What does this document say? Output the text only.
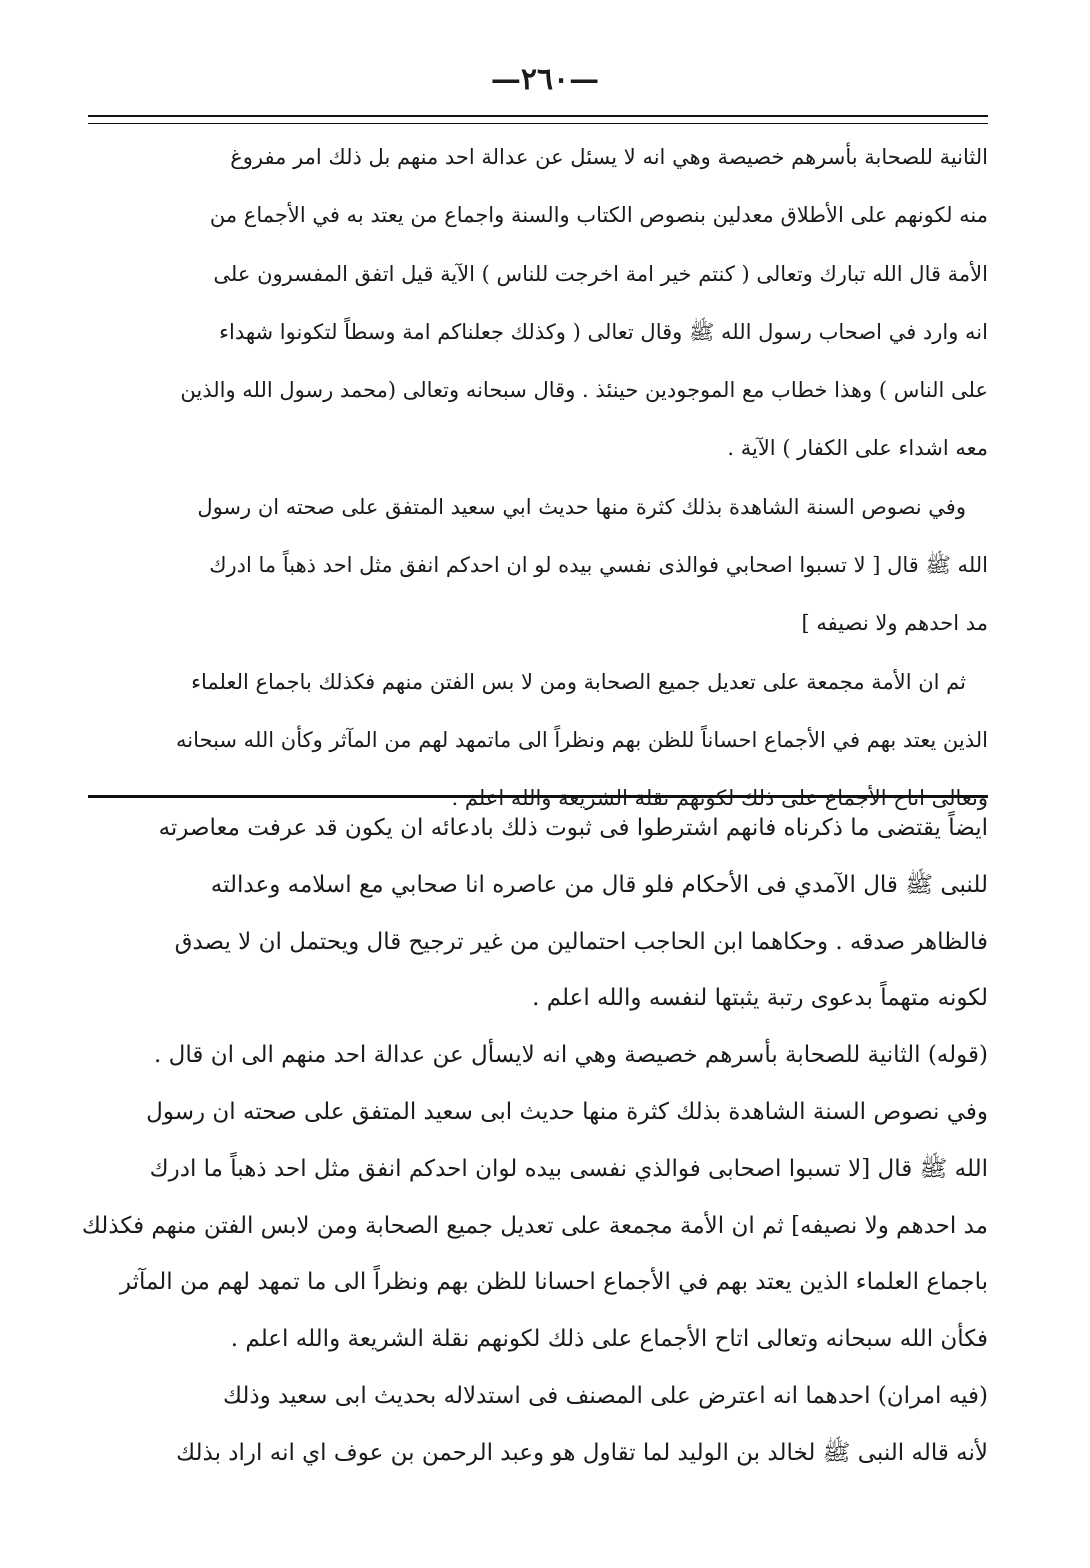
—٢٦٠—
الثانية للصحابة بأسرهم خصيصة وهي انه لا يسئل عن عدالة احد منهم بل ذلك امر مفروغ
منه لكونهم على الأطلاق معدلين بنصوص الكتاب والسنة واجماع من يعتد به في الأجماع من
الأمة قال الله تبارك وتعالى ( كنتم خير امة اخرجت للناس ) الآية قيل اتفق المفسرون على
انه وارد في اصحاب رسول الله ﷺ وقال تعالى ( وكذلك جعلناكم امة وسطاً لتكونوا شهداء
على الناس ) وهذا خطاب مع الموجودين حينئذ . وقال سبحانه وتعالى (محمد رسول الله والذين
معه اشداء على الكفار ) الآية .
وفي نصوص السنة الشاهدة بذلك كثرة منها حديث ابي سعيد المتفق على صحته ان رسول
الله ﷺ قال [ لا تسبوا اصحابي فوالذى نفسي بيده لو ان احدكم انفق مثل احد ذهباً ما ادرك
مد احدهم ولا نصيفه ]
ثم ان الأمة مجمعة على تعديل جميع الصحابة ومن لا بس الفتن منهم فكذلك باجماع العلماء
الذين يعتد بهم في الأجماع احساناً للظن بهم ونظراً الى ماتمهد لهم من المآثر وكأن الله سبحانه
وتعالى اتاح الأجماع على ذلك لكونهم نقلة الشريعة والله اعلم .
ايضاً يقتضى ما ذكرناه فانهم اشترطوا فى ثبوت ذلك بادعائه ان يكون قد عرفت معاصرته
للنبى ﷺ قال الآمدي فى الأحكام فلو قال من عاصره انا صحابي مع اسلامه وعدالته
فالظاهر صدقه . وحكاهما ابن الحاجب احتمالين من غير ترجيح قال ويحتمل ان لا يصدق
لكونه متهماً بدعوى رتبة يثبتها لنفسه والله اعلم .
(قوله) الثانية للصحابة بأسرهم خصيصة وهي انه لايسأل عن عدالة احد منهم الى ان قال .
وفي نصوص السنة الشاهدة بذلك كثرة منها حديث ابى سعيد المتفق على صحته ان رسول
الله ﷺ قال [لا تسبوا اصحابى فوالذي نفسى بيده لوان احدكم انفق مثل احد ذهباً ما ادرك
مد احدهم ولا نصيفه] ثم ان الأمة مجمعة على تعديل جميع الصحابة ومن لابس الفتن منهم فكذلك
باجماع العلماء الذين يعتد بهم في الأجماع احسانا للظن بهم ونظراً الى ما تمهد لهم من المآثر
فكأن الله سبحانه وتعالى اتاح الأجماع على ذلك لكونهم نقلة الشريعة والله اعلم .
(فيه امران) احدهما انه اعترض على المصنف فى استدلاله بحديث ابى سعيد وذلك
لأنه قاله النبى ﷺ لخالد بن الوليد لما تقاول هو وعبد الرحمن بن عوف اي انه اراد بذلك
